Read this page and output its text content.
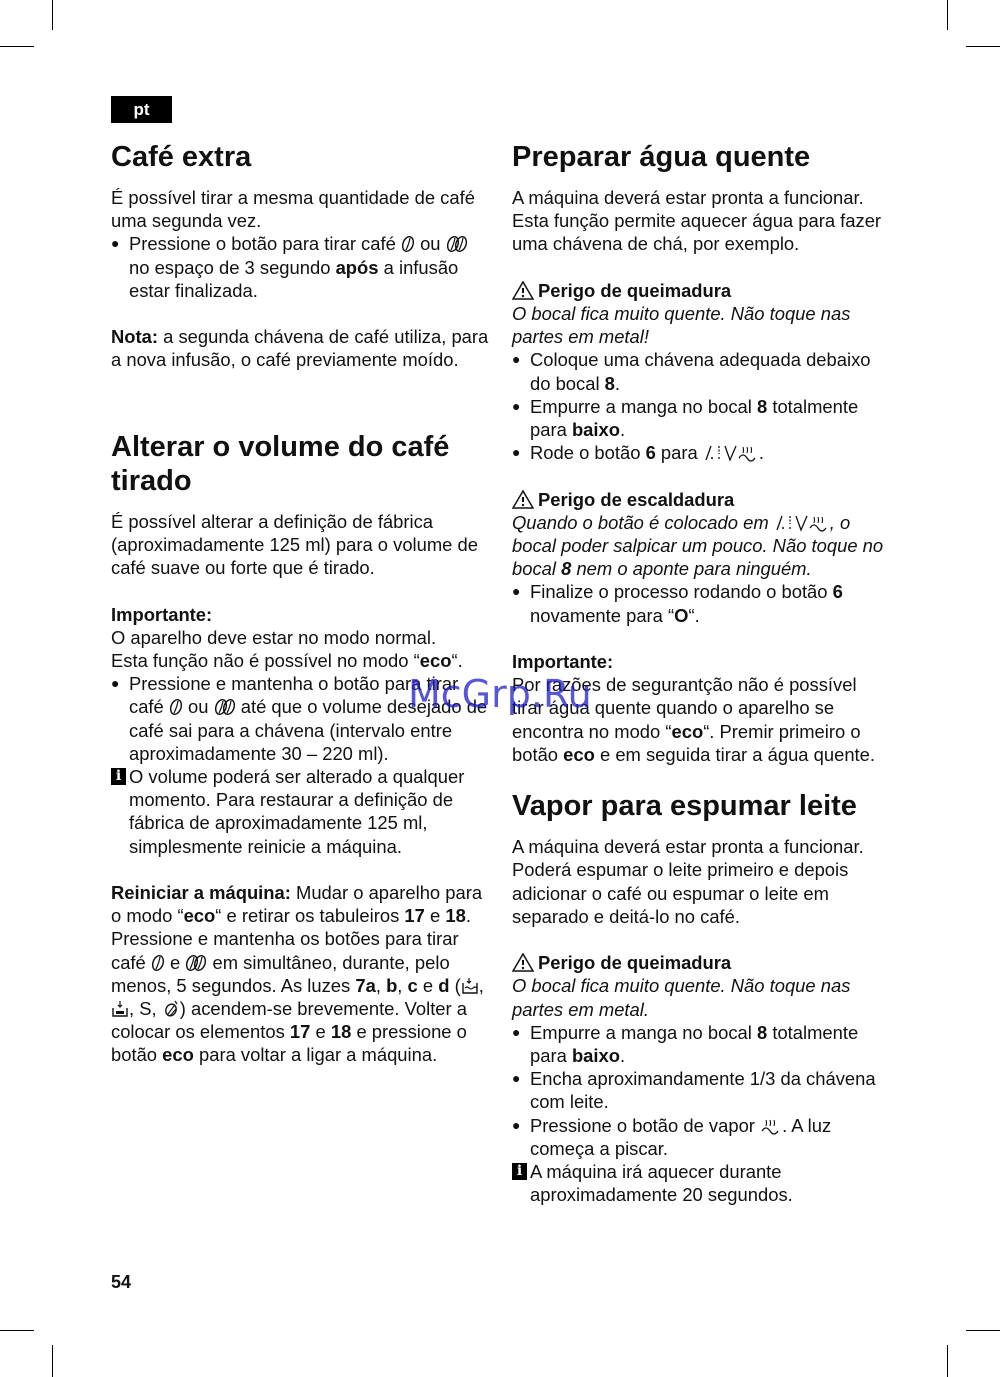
pt
Café extra

É possível tirar a mesma quantidade de café uma segunda vez.

● Pressione o botão para tirar café ou  no espaço de 3 segundo após a infusão estar finalizada.

Nota: a segunda chávena de café utiliza, para a nova infusão, o café previamente moído.

Alterar o volume do café tirado

É possível alterar a definição de fábrica (aproximadamente 125 ml) para o volume de café suave ou forte que é tirado.

Importante:

O aparelho deve estar no modo normal.

Esta função não é possível no modo “eco“.

● Pressione e mantenha o botão para tirar café ou até que o volume desejado de café sai para a chávena (intervalo entre aproximadamente 30 – 220 ml).

i O volume poderá ser alterado a qualquer momento. Para restaurar a definição de fábrica de aproximadamente 125 ml, simplesmente reinicie a máquina.

Reiniciar a máquina: Mudar o aparelho para o modo “eco“ e retirar os tabuleiros 17 e 18. Pressione e mantenha os botões para tirar café e em simultâneo, durante, pelo menos, 5 segundos. As luzes 7a, b, c e d ( , , S, ) acendem-se brevemente. Volter a colocar os elementos 17 e 18 e pressione o botão eco para voltar a ligar a máquina.

Preparar água quente

A máquina deverá estar pronta a funcionar. Esta função permite aquecer água para fazer uma chávena de chá, por exemplo.

Perigo de queimadura

O bocal fica muito quente. Não toque nas partes em metal!

● Coloque uma chávena adequada debaixo do bocal 8.

● Empurre a manga no bocal 8 totalmente para baixo.

● Rode o botão 6 para	.

Perigo de escaldadura

Quando o botão é colocado em	, o bocal poder salpicar um pouco. Não toque no bocal 8 nem o aponte para ninguém.

● Finalize o processo rodando o botão 6 novamente para “O“.

Importante:

Por razões de segurantção não é possível tirar água quente quando o aparelho se encontra no modo “eco“. Premir primeiro o botão eco e em seguida tirar a água quente.

Vapor para espumar leite

A máquina deverá estar pronta a funcionar. Poderá espumar o leite primeiro e depois adicionar o café ou espumar o leite em separado e deitá-lo no café.

Perigo de queimadura

O bocal fica muito quente. Não toque nas partes em metal.

● Empurre a manga no bocal 8 totalmente para baixo.

● Encha aproximandamente 1/3 da chávena com leite.

● Pressione o botão de vapor . A luz começa a piscar.

i A máquina irá aquecer durante aproximadamente 20 segundos.

McGrp.Ru
54
